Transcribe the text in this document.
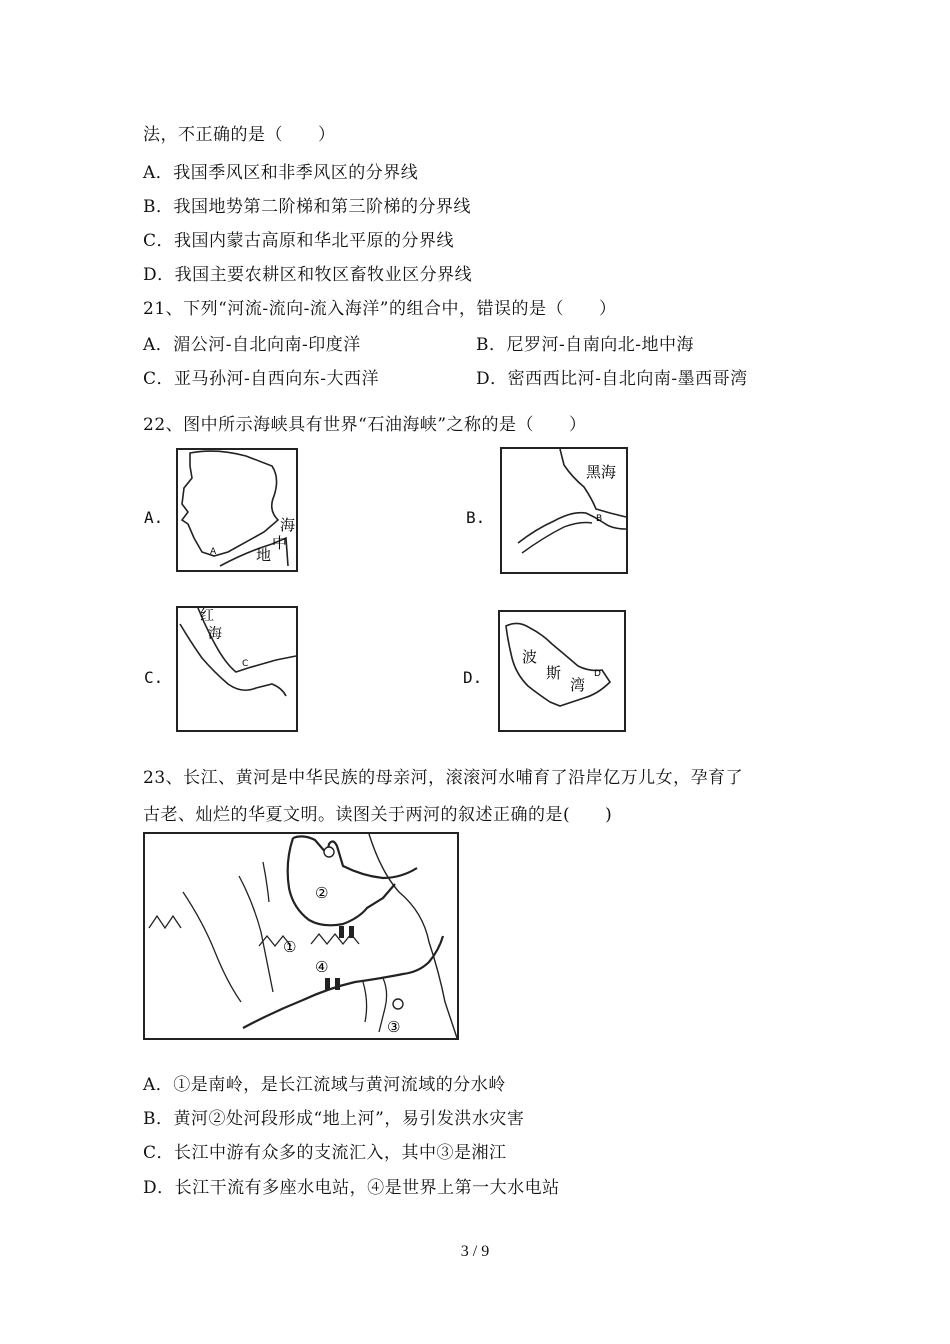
法，不正确的是（　　）
A．我国季风区和非季风区的分界线
B．我国地势第二阶梯和第三阶梯的分界线
C．我国内蒙古高原和华北平原的分界线
D．我国主要农耕区和牧区畜牧业区分界线
21、下列“河流-流向-流入海洋”的组合中，错误的是（　　）
A．湄公河-自北向南-印度洋	B．尼罗河-自南向北-地中海
C．亚马孙河-自西向东-大西洋	D．密西西比河-自北向南-墨西哥湾
22、图中所示海峡具有世界“石油海峡”之称的是（　　）
A.	海
中
地
A
B.
黑海
B
C.
红
海
C
D.
波
斯
湾
D
23、长江、黄河是中华民族的母亲河，滚滚河水哺育了沿岸亿万儿女，孕育了
古老、灿烂的华夏文明。读图关于两河的叙述正确的是(　　)
①
②
③
④
A．①是南岭，是长江流域与黄河流域的分水岭
B．黄河②处河段形成“地上河”，易引发洪水灾害
C．长江中游有众多的支流汇入，其中③是湘江
D．长江干流有多座水电站，④是世界上第一大水电站
3 / 9
